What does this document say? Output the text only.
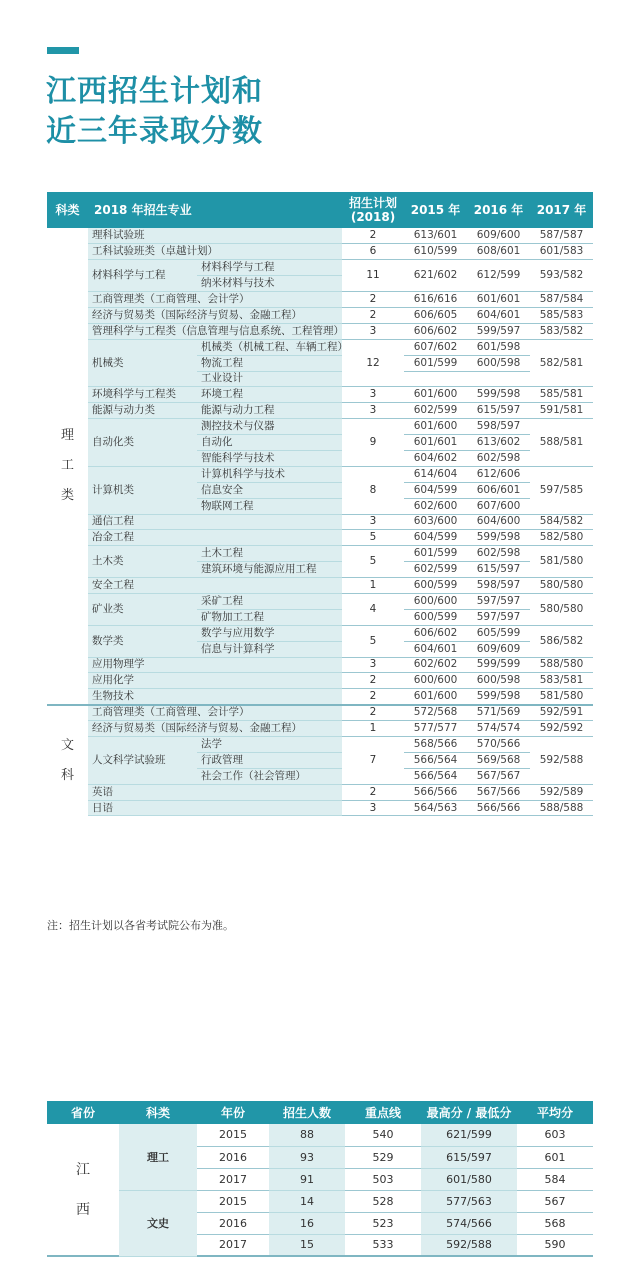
江西招生计划和
近三年录取分数
科类	2018 年招生专业		招生计划
(2018)	2015 年	2016 年	2017 年
理工类	理科试验班		2	613/601	609/600	587/587
	工科试验班类（卓越计划）		6	610/599	608/601	601/583
	材料科学与工程	材料科学与工程	11	621/602	612/599	593/582
		纳米材料与技术				
	工商管理类（工商管理、会计学）		2	616/616	601/601	587/584
	经济与贸易类（国际经济与贸易、金融工程）		2	606/605	604/601	585/583
	管理科学与工程类（信息管理与信息系统、工程管理）		3	606/602	599/597	583/582
	机械类	机械类（机械工程、车辆工程）	12	607/602	601/598	582/581
		物流工程		601/599	600/598	
		工业设计				
	环境科学与工程类	环境工程	3	601/600	599/598	585/581
	能源与动力类	能源与动力工程	3	602/599	615/597	591/581
	自动化类	测控技术与仪器	9	601/600	598/597	588/581
		自动化		601/601	613/602	
		智能科学与技术		604/602	602/598	
	计算机类	计算机科学与技术	8	614/604	612/606	597/585
		信息安全		604/599	606/601	
		物联网工程		602/600	607/600	
	通信工程		3	603/600	604/600	584/582
	冶金工程		5	604/599	599/598	582/580
	土木类	土木工程	5	601/599	602/598	581/580
		建筑环境与能源应用工程		602/599	615/597	
	安全工程		1	600/599	598/597	580/580
	矿业类	采矿工程	4	600/600	597/597	580/580
		矿物加工工程		600/599	597/597	
	数学类	数学与应用数学	5	606/602	605/599	586/582
		信息与计算科学		604/601	609/609	
	应用物理学		3	602/602	599/599	588/580
	应用化学		2	600/600	600/598	583/581
	生物技术		2	601/600	599/598	581/580
文科	工商管理类（工商管理、会计学）		2	572/568	571/569	592/591
	经济与贸易类（国际经济与贸易、金融工程）		1	577/577	574/574	592/592
	人文科学试验班	法学	7	568/566	570/566	592/588
		行政管理		566/564	569/568	
		社会工作（社会管理）		566/564	567/567	
	英语		2	566/566	567/566	592/589
	日语		3	564/563	566/566	588/588
注：招生计划以各省考试院公布为准。
省份	科类	年份	招生人数	重点线	最高分 / 最低分	平均分
江西	理工	2015	88	540	621/599	603
		2016	93	529	615/597	601
		2017	91	503	601/580	584
	文史	2015	14	528	577/563	567
		2016	16	523	574/566	568
		2017	15	533	592/588	590
